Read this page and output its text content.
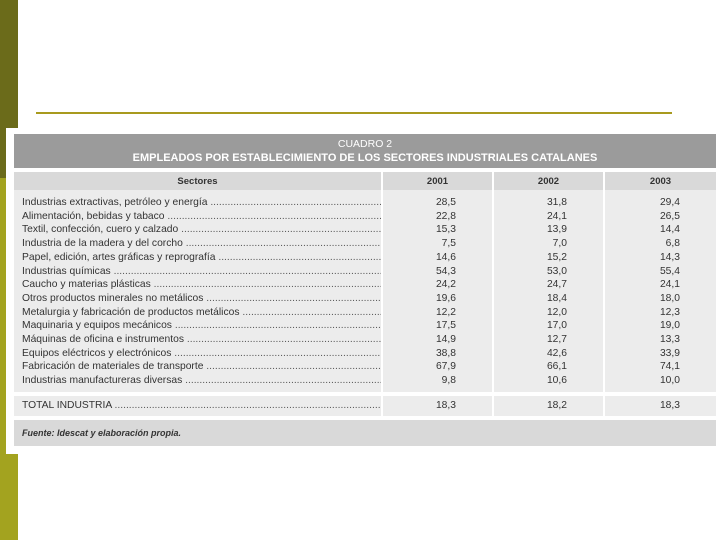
CUADRO 2
EMPLEADOS POR ESTABLECIMIENTO DE LOS SECTORES INDUSTRIALES CATALANES
Sectores	2001	2002	2003
Industrias extractivas, petróleo y energía .....	28,5	31,8	29,4
Alimentación, bebidas y tabaco .....	22,8	24,1	26,5
Textil, confección, cuero y calzado .....	15,3	13,9	14,4
Industria de la madera y del corcho .....	7,5	7,0	6,8
Papel, edición, artes gráficas y reprografía .....	14,6	15,2	14,3
Industrias químicas .....	54,3	53,0	55,4
Caucho y materias plásticas .....	24,2	24,7	24,1
Otros productos minerales no metálicos .....	19,6	18,4	18,0
Metalurgia y fabricación de productos metálicos .....	12,2	12,0	12,3
Maquinaria y equipos mecánicos .....	17,5	17,0	19,0
Máquinas de oficina e instrumentos .....	14,9	12,7	13,3
Equipos eléctricos y electrónicos .....	38,8	42,6	33,9
Fabricación de materiales de transporte .....	67,9	66,1	74,1
Industrias manufactureras diversas .....	9,8	10,6	10,0

TOTAL INDUSTRIA .....	18,3	18,2	18,3
Fuente: Idescat y elaboración propia.
